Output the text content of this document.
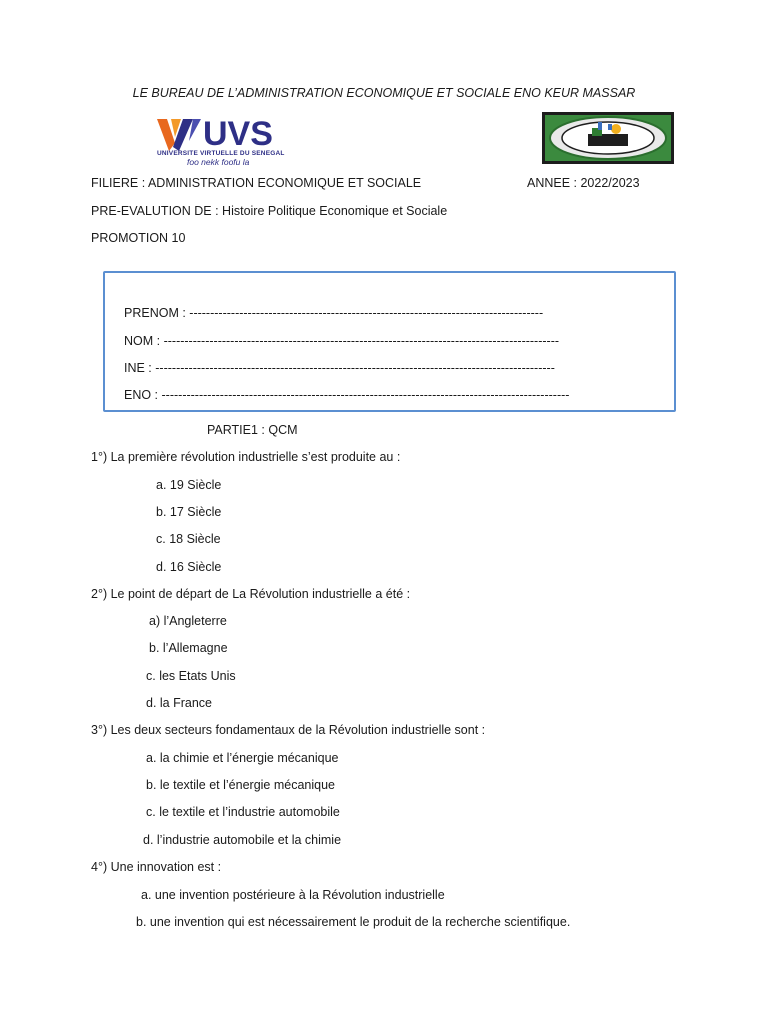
LE BUREAU DE L’ADMINISTRATION ECONOMIQUE ET SOCIALE ENO KEUR MASSAR
UVS
UNIVERSITE VIRTUELLE DU SENEGAL
foo nekk foofu la
FILIERE : ADMINISTRATION ECONOMIQUE ET SOCIALE	ANNEE : 2022/2023
PRE-EVALUTION DE : Histoire Politique Economique et Sociale
PROMOTION 10
PRENOM : -------------------------------------------------------------------------------------
NOM : -----------------------------------------------------------------------------------------------
INE : ------------------------------------------------------------------------------------------------
ENO : --------------------------------------------------------------------------------------------------
PARTIE1 : QCM
1°) La première révolution industrielle s’est produite au :
a. 19 Siècle
b. 17 Siècle
c. 18 Siècle
d. 16 Siècle
2°) Le point de départ de La Révolution industrielle a été :
a) l’Angleterre
b. l’Allemagne
c. les Etats Unis
d. la France
3°) Les deux secteurs fondamentaux de la Révolution industrielle sont :
a. la chimie et l’énergie mécanique
b. le textile et l’énergie mécanique
c. le textile et l’industrie automobile
d. l’industrie automobile et la chimie
4°) Une innovation est :
a. une invention postérieure à la Révolution industrielle
b. une invention qui est nécessairement le produit de la recherche scientifique.
